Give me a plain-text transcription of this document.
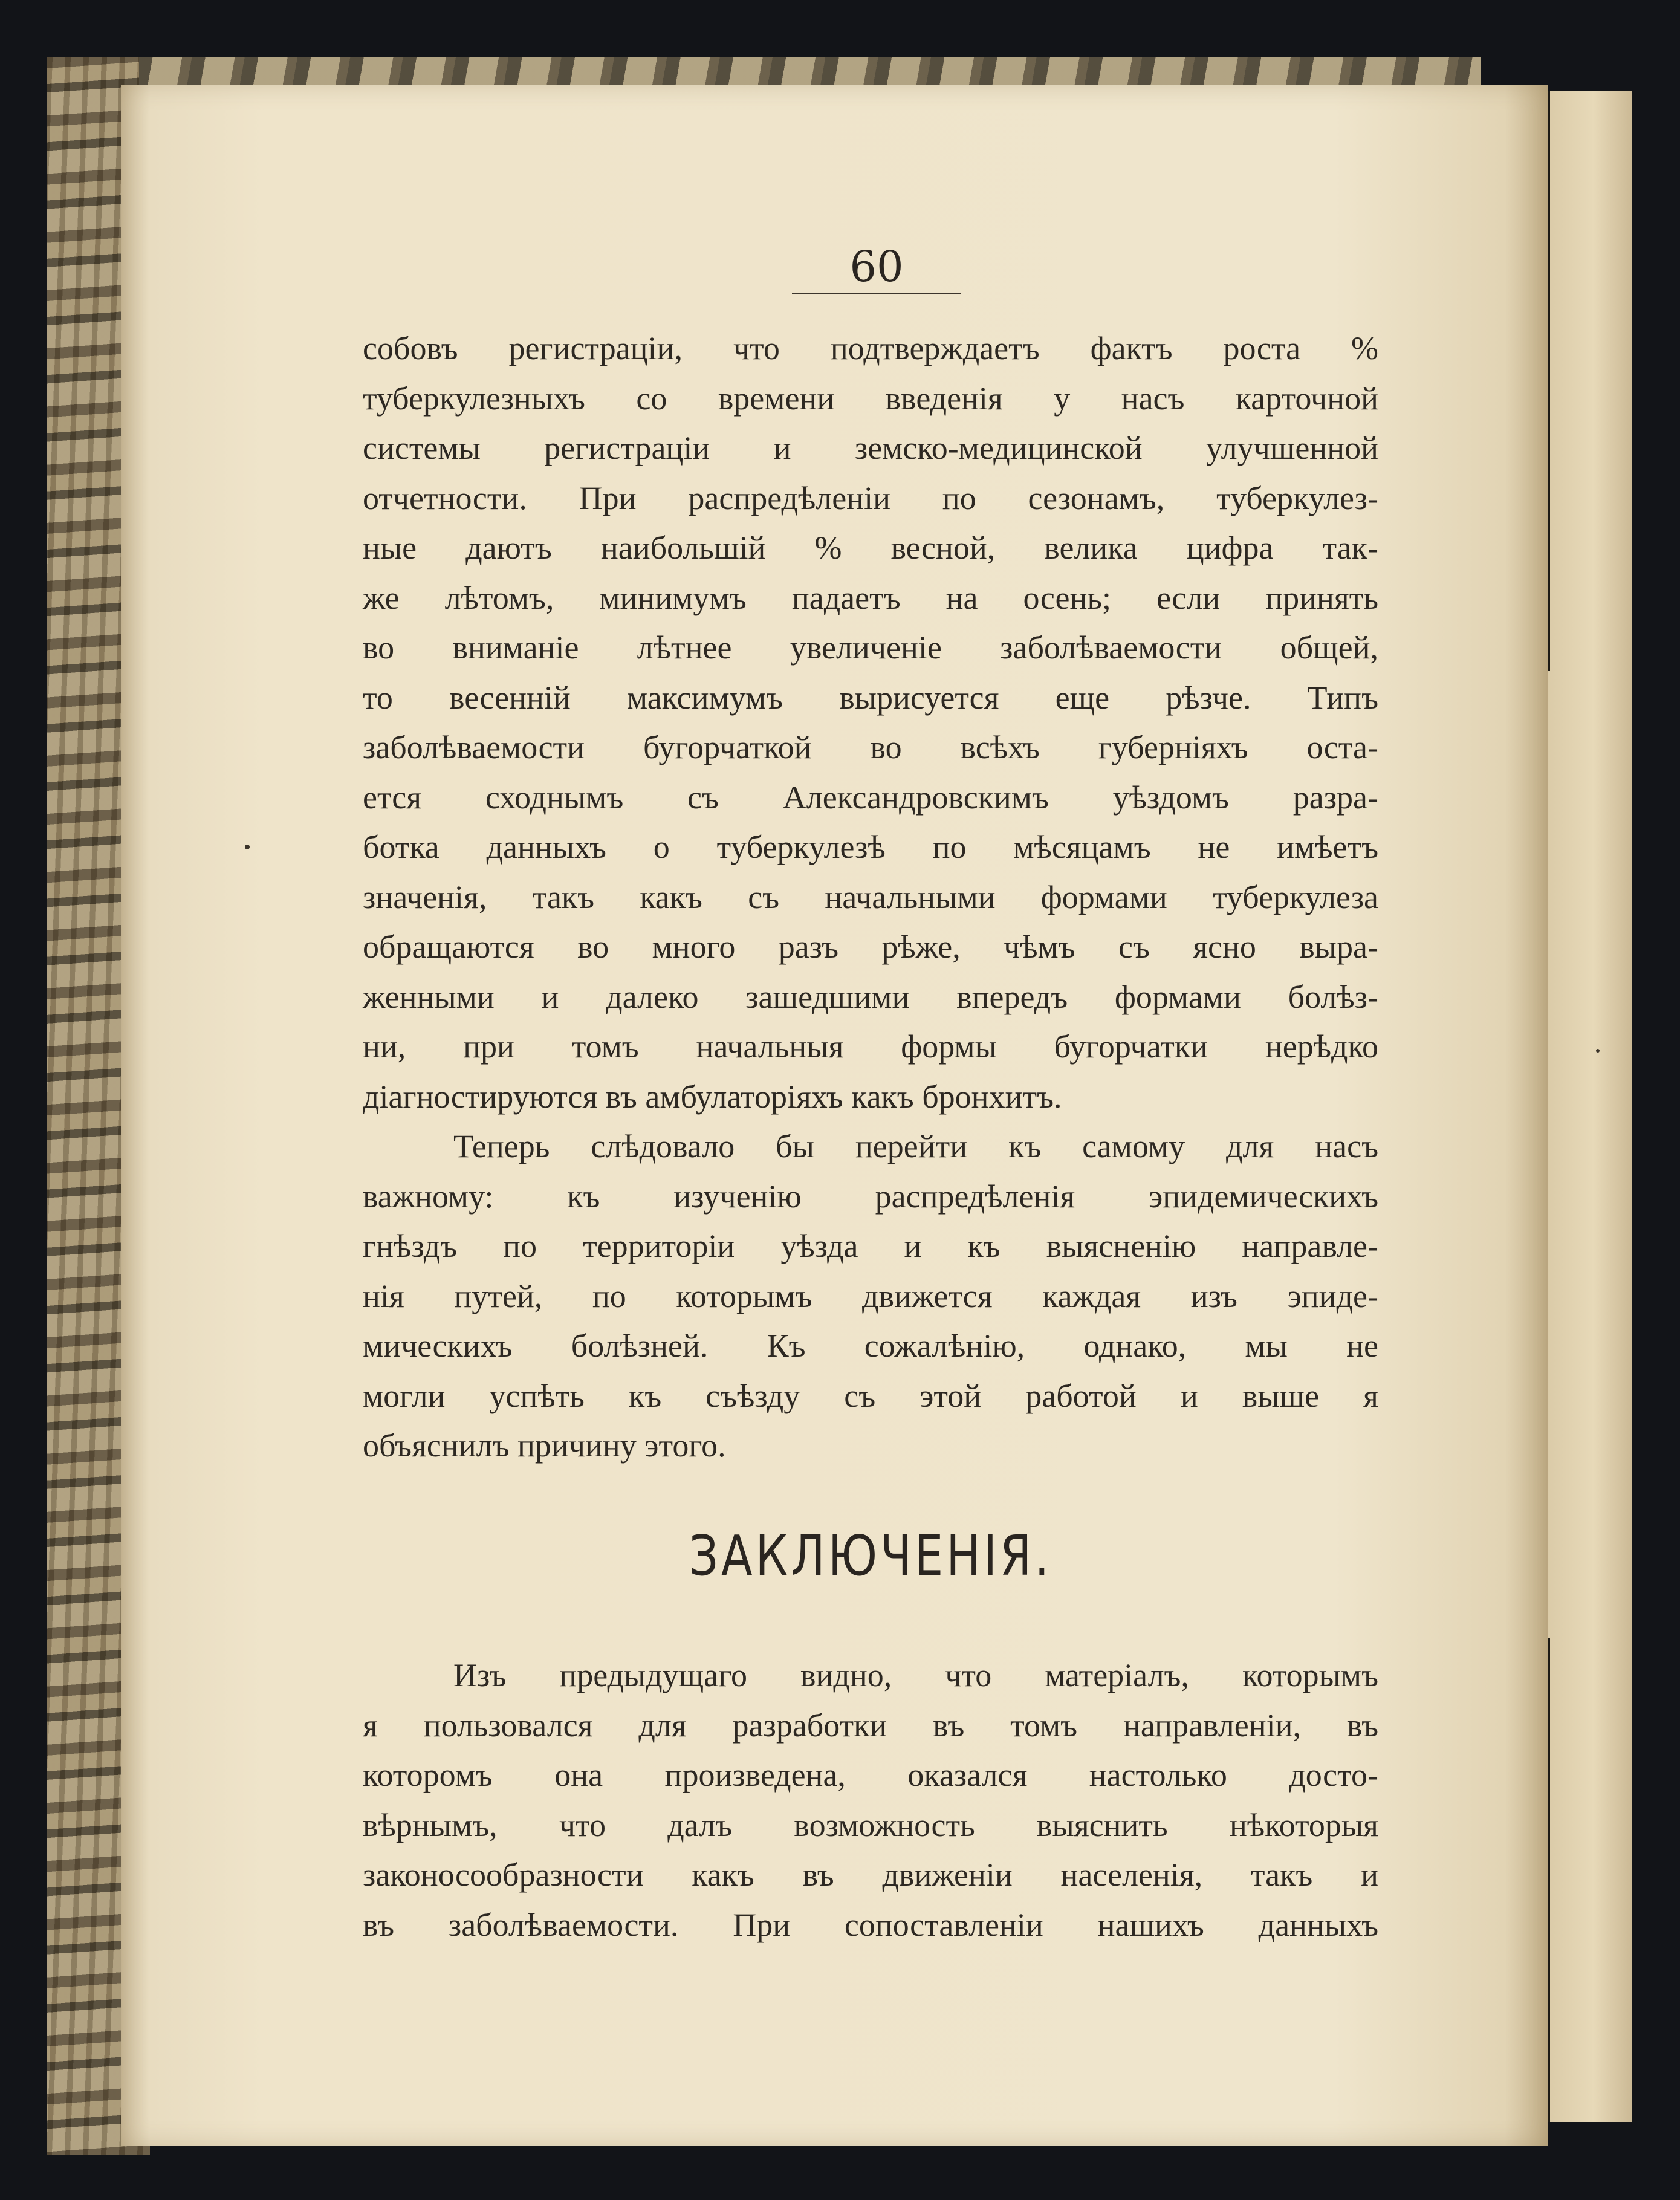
60
собовъ регистраціи, что подтверждаетъ фактъ роста %
туберкулезныхъ со времени введенія у насъ карточной
системы регистраціи и земско-медицинской улучшенной
отчетности. При распредѣленіи по сезонамъ, туберкулез-
ные даютъ наибольшій % весной, велика цифра так-
же лѣтомъ, минимумъ падаетъ на осень; если принять
во вниманіе лѣтнее увеличеніе заболѣваемости общей,
то весенній максимумъ вырисуется еще рѣзче. Типъ
заболѣваемости бугорчаткой во всѣхъ губерніяхъ оста-
ется сходнымъ съ Александровскимъ уѣздомъ разра-
ботка данныхъ о туберкулезѣ по мѣсяцамъ не имѣетъ
значенія, такъ какъ съ начальными формами туберкулеза
обращаются во много разъ рѣже, чѣмъ съ ясно выра-
женными и далеко зашедшими впередъ формами болѣз-
ни, при томъ начальныя формы бугорчатки нерѣдко
діагностируются въ амбулаторіяхъ какъ бронхитъ.
Теперь слѣдовало бы перейти къ самому для насъ
важному: къ изученію распредѣленія эпидемическихъ
гнѣздъ по территоріи уѣзда и къ выясненію направле-
нія путей, по которымъ движется каждая изъ эпиде-
мическихъ болѣзней. Къ сожалѣнію, однако, мы не
могли успѣть къ съѣзду съ этой работой и выше я
объяснилъ причину этого.
ЗАКЛЮЧЕНІЯ.
Изъ предыдущаго видно, что матеріалъ, которымъ
я пользовался для разработки въ томъ направленіи, въ
которомъ она произведена, оказался настолько досто-
вѣрнымъ, что далъ возможность выяснить нѣкоторыя
законосообразности какъ въ движеніи населенія, такъ и
въ заболѣваемости. При сопоставленіи нашихъ данныхъ
